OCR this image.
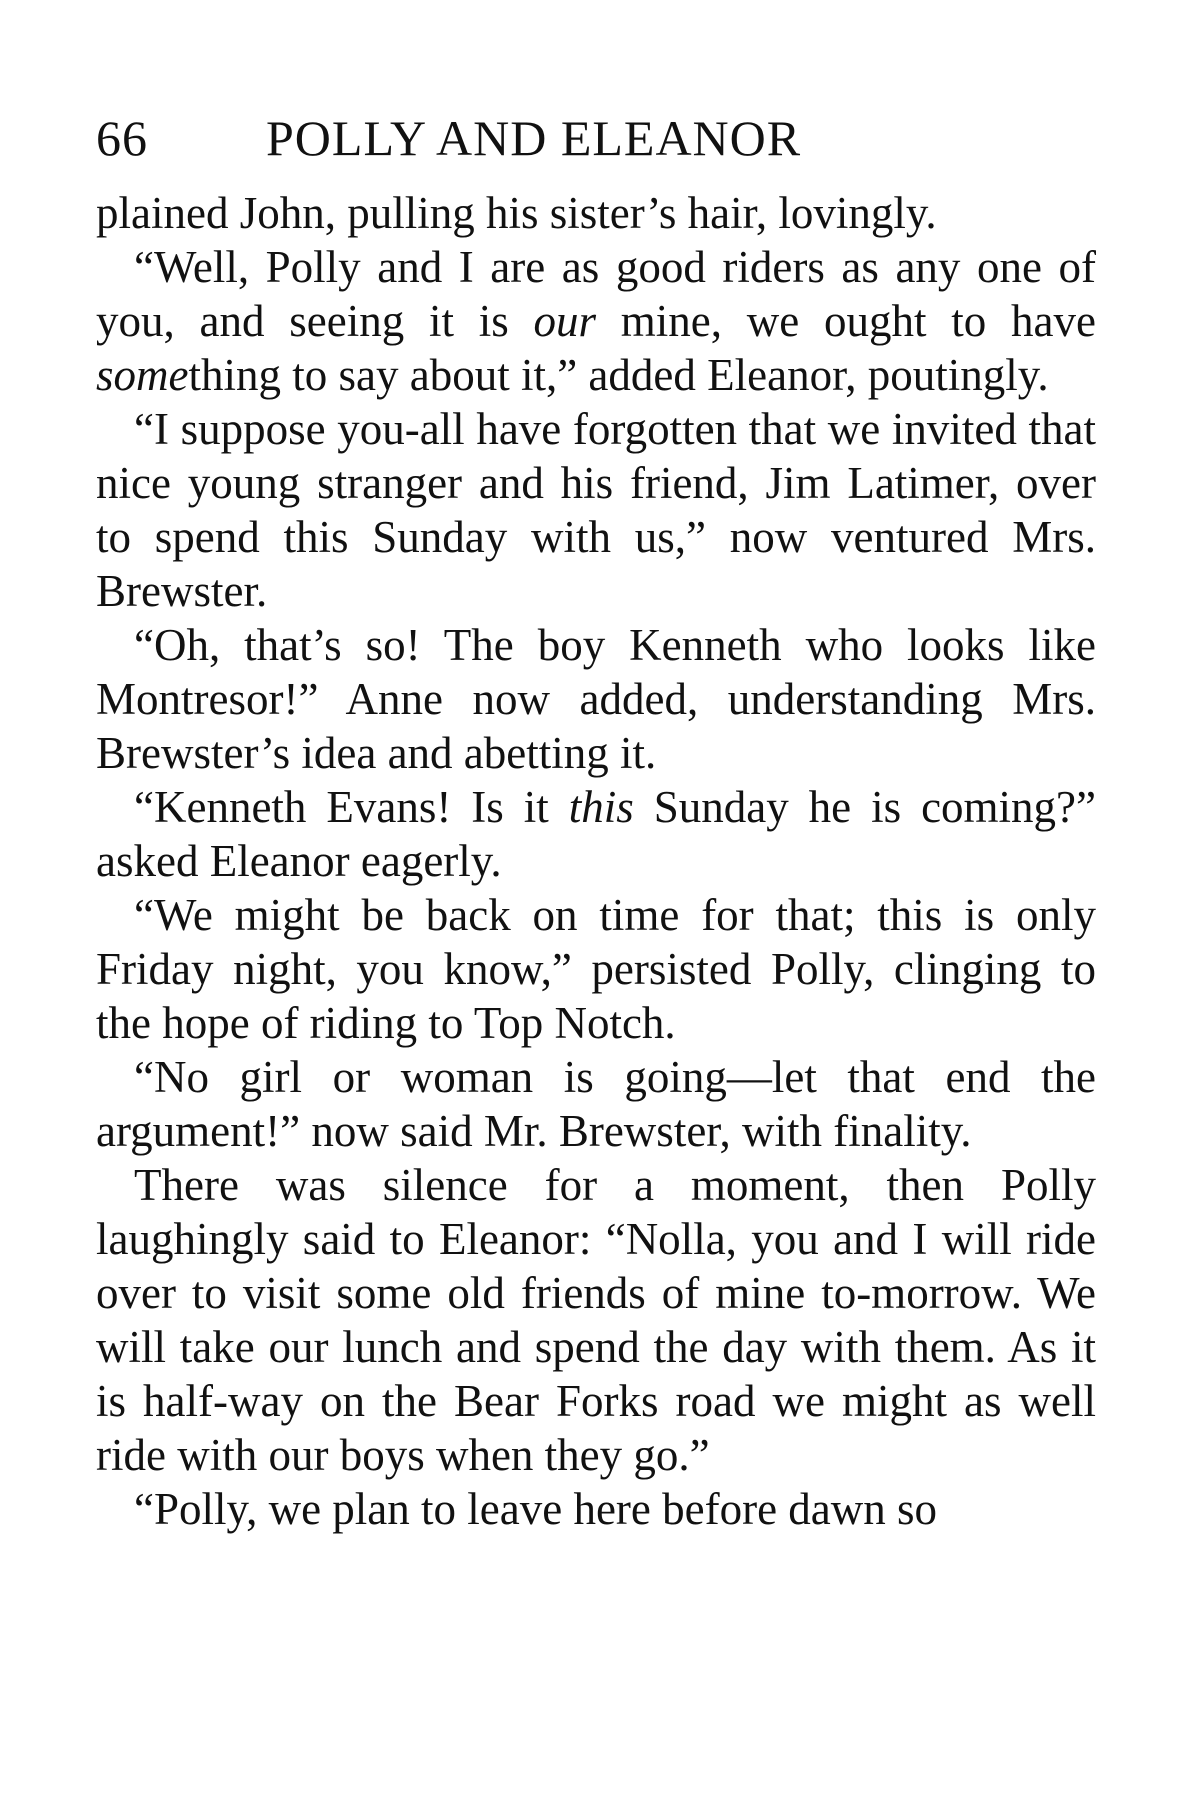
66 POLLY AND ELEANOR

plained John, pulling his sister’s hair, lovingly.

“Well, Polly and I are as good riders as any one of you, and seeing it is our mine, we ought to have something to say about it,” added Eleanor, poutingly.

“I suppose you-all have forgotten that we invited that nice young stranger and his friend, Jim Latimer, over to spend this Sunday with us,” now ventured Mrs. Brewster.

“Oh, that’s so! The boy Kenneth who looks like Montresor!” Anne now added, understanding Mrs. Brewster’s idea and abetting it.

“Kenneth Evans! Is it this Sunday he is coming?” asked Eleanor eagerly.

“We might be back on time for that; this is only Friday night, you know,” persisted Polly, clinging to the hope of riding to Top Notch.

“No girl or woman is going—let that end the argument!” now said Mr. Brewster, with finality.

There was silence for a moment, then Polly laughingly said to Eleanor: “Nolla, you and I will ride over to visit some old friends of mine to-morrow. We will take our lunch and spend the day with them. As it is half-way on the Bear Forks road we might as well ride with our boys when they go.”

“Polly, we plan to leave here before dawn so
